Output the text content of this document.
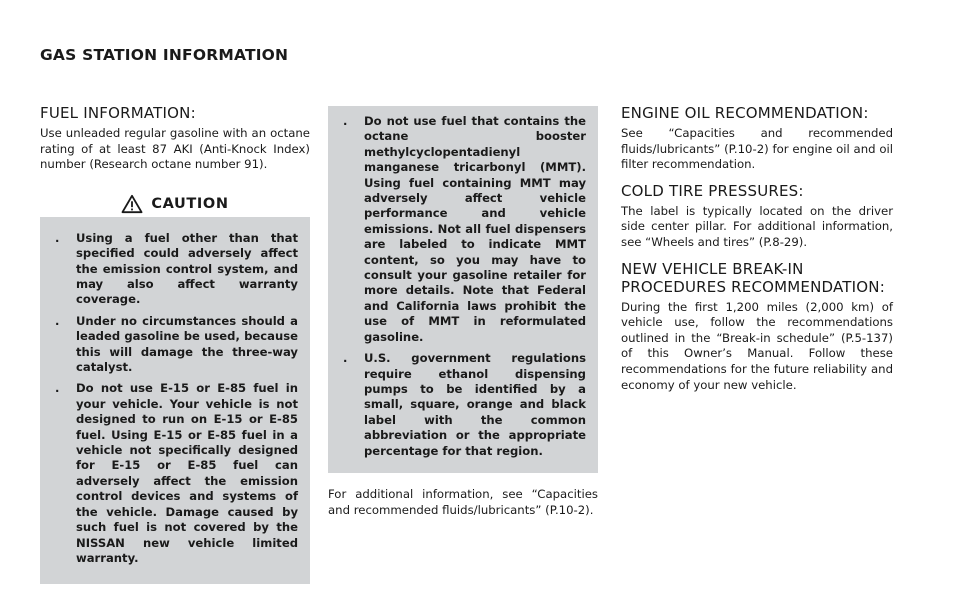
GAS STATION INFORMATION
FUEL INFORMATION:

Use unleaded regular gasoline with an octane rating of at least 87 AKI (Anti-Knock Index) number (Research octane number 91).

CAUTION
. Using a fuel other than that specified could adversely affect the emission control system, and may also affect warranty coverage.
. Under no circumstances should a leaded gasoline be used, because this will damage the three-way catalyst.
. Do not use E-15 or E-85 fuel in your vehicle. Your vehicle is not designed to run on E-15 or E-85 fuel. Using E-15 or E-85 fuel in a vehicle not specifically designed for E-15 or E-85 fuel can adversely affect the emission control devices and systems of the vehicle. Damage caused by such fuel is not covered by the NISSAN new vehicle limited warranty.
. Do not use fuel that contains the octane booster methylcyclopentadienyl manganese tricarbonyl (MMT). Using fuel containing MMT may adversely affect vehicle performance and vehicle emissions. Not all fuel dispensers are labeled to indicate MMT content, so you may have to consult your gasoline retailer for more details. Note that Federal and California laws prohibit the use of MMT in reformulated gasoline.
. U.S. government regulations require ethanol dispensing pumps to be identified by a small, square, orange and black label with the common abbreviation or the appropriate percentage for that region.

For additional information, see “Capacities and recommended fluids/lubricants” (P.10-2).

ENGINE OIL RECOMMENDATION:

See “Capacities and recommended fluids/lubricants” (P.10-2) for engine oil and oil filter recommendation.

COLD TIRE PRESSURES:

The label is typically located on the driver side center pillar. For additional information, see “Wheels and tires” (P.8-29).

NEW VEHICLE BREAK-IN PROCEDURES RECOMMENDATION:

During the first 1,200 miles (2,000 km) of vehicle use, follow the recommendations outlined in the “Break-in schedule” (P.5-137) of this Owner’s Manual. Follow these recommendations for the future reliability and economy of your new vehicle.
